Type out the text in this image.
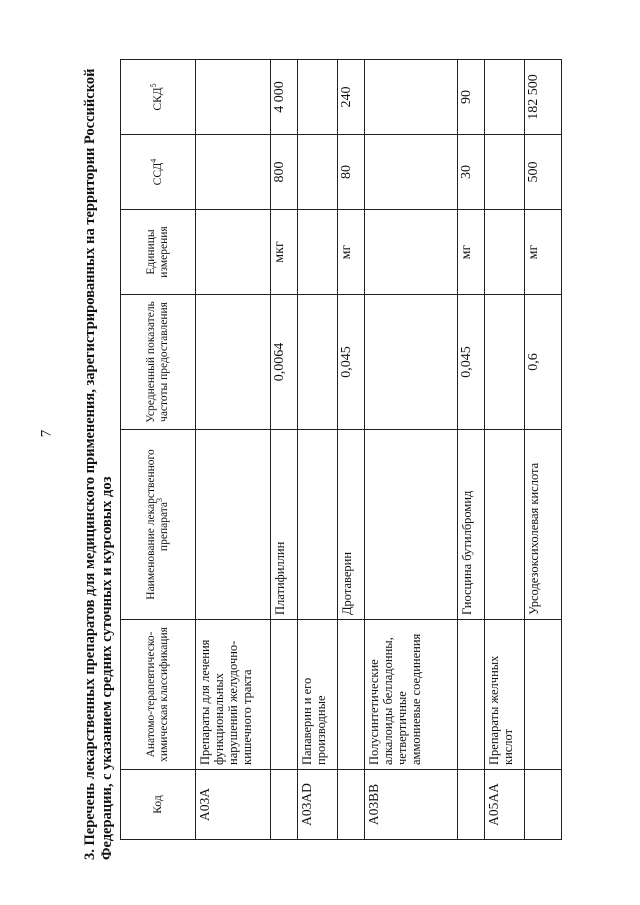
7 3. Перечень лекарственных препаратов для медицинского применения, зарегистрированных на территории Российской Федерации, с указанием средних суточных и курсовых доз	Код	Анатомо-терапевтическо-химическая классификация	Наименование лекарственного препарата$^3$	Усредненный показатель частоты предоставления	Единицы измерения	ССД$^4$	СКД$^5$
A03A	Препараты для лечения функциональных нарушений желудочно-кишечного тракта					
		Платифиллин	0,0064	мкг	800	4 000
A03AD	Папаверин и его производные					
		Дротаверин	0,045	мг	80	240
A03BB	Полусинтетические алкалоиды белладонны, четвертичные аммониевые соединения					
		Гиосцина бутилбромид	0,045	мг	30	90
A05AA	Препараты желчных кислот					
		Урсодезоксихолевая кислота	0,6	мг	500	182 500
